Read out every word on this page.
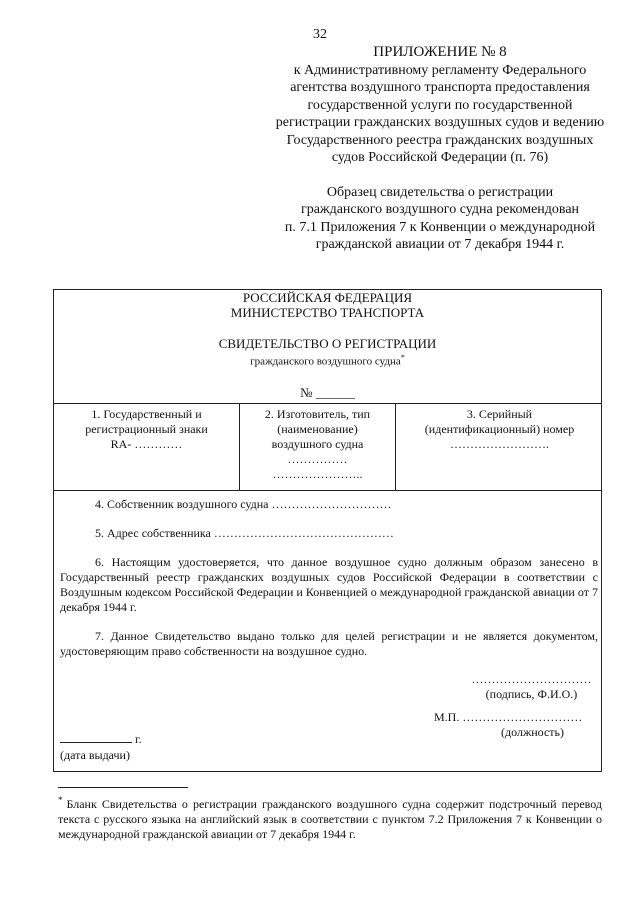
32
ПРИЛОЖЕНИЕ № 8
к Административному регламенту Федерального
агентства воздушного транспорта предоставления
государственной услуги по государственной
регистрации гражданских воздушных судов и ведению
Государственного реестра гражданских воздушных
судов Российской Федерации (п. 76)
Образец свидетельства о регистрации
гражданского воздушного судна рекомендован
п. 7.1 Приложения 7 к Конвенции о международной
гражданской авиации от 7 декабря 1944 г.
РОССИЙСКАЯ ФЕДЕРАЦИЯ
МИНИСТЕРСТВО ТРАНСПОРТА
СВИДЕТЕЛЬСТВО О РЕГИСТРАЦИИ
гражданского воздушного судна*
№ ______
1. Государственный и
регистрационный знаки
RA- …………
2. Изготовитель, тип
(наименование)
воздушного судна
……………
…………………..
3. Серийный
(идентификационный) номер
…………………….
4. Собственник воздушного судна …………………………
5. Адрес собственника ………………………………………
6. Настоящим удостоверяется, что данное воздушное судно должным образом занесено в Государственный реестр гражданских воздушных судов Российской Федерации в соответствии с Воздушным кодексом Российской Федерации и Конвенцией о международной гражданской авиации от 7 декабря 1944 г.
7. Данное Свидетельство выдано только для целей регистрации и не является документом, удостоверяющим право собственности на воздушное судно.
…………………………
(подпись, Ф.И.О.)
М.П. …………………………
(должность)
г.
(дата выдачи)
* Бланк Свидетельства о регистрации гражданского воздушного судна содержит подстрочный перевод текста с русского языка на английский язык в соответствии с пунктом 7.2 Приложения 7 к Конвенции о международной гражданской авиации от 7 декабря 1944 г.
